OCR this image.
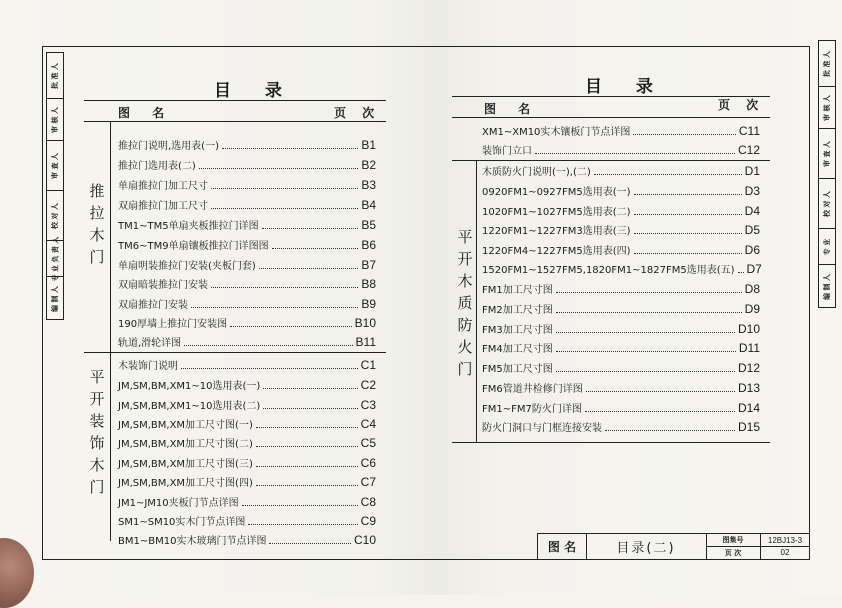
批 准 人
审 核 人
审 查 人
校 对 人
专 业 负 责 人
编 制 人
批 准 人
审 核 人
审 查 人
校 对 人
专 业
编 制 人
目 录
图 名	页 次
推
拉
木
门
平
开
装
饰
木
门
推拉门说明,选用表(一)	B1
推拉门选用表(二)	B2
单扇推拉门加工尺寸	B3
双扇推拉门加工尺寸	B4
TM1~TM5单扇夹板推拉门详图	B5
TM6~TM9单扇镶板推拉门详图图	B6
单扇明装推拉门安装(夹板门套)	B7
双扇暗装推拉门安装	B8
双扇推拉门安装	B9
190厚墙上推拉门安装图	B10
轨道,滑轮详图	B11
木装饰门说明	C1
JM,SM,BM,XM1~10选用表(一)	C2
JM,SM,BM,XM1~10选用表(二)	C3
JM,SM,BM,XM加工尺寸图(一)	C4
JM,SM,BM,XM加工尺寸图(二)	C5
JM,SM,BM,XM加工尺寸图(三)	C6
JM,SM,BM,XM加工尺寸图(四)	C7
JM1~JM10夹板门节点详图	C8
SM1~SM10实木门节点详图	C9
BM1~BM10实木玻璃门节点详图	C10
目 录
图 名	页 次
平
开
木
质
防
火
门
XM1~XM10实木镶板门节点详图	C11
装饰门立口	C12
木质防火门说明(一),(二)	D1
0920FM1~0927FM5选用表(一)	D3
1020FM1~1027FM5选用表(二)	D4
1220FM1~1227FM3选用表(三)	D5
1220FM4~1227FM5选用表(四)	D6
1520FM1~1527FM5,1820FM1~1827FM5选用表(五) D7
FM1加工尺寸图	D8
FM2加工尺寸图	D9
FM3加工尺寸图	D10
FM4加工尺寸图	D11
FM5加工尺寸图	D12
FM6管道井检修门详图	D13
FM1~FM7防火门详图	D14
防火门洞口与门框连接安装	D15
图 名	目录(二)
图集号	12BJ13-3
页 次	02
